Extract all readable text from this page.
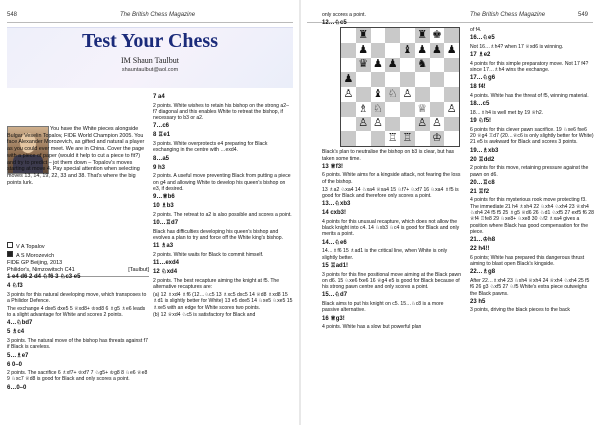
548	The British Chess Magazine
Test Your Chess
IM Shaun Taulbut
shauntaulbut@aol.com

You have the White pieces alongside Bulgar Veselin Topalov, FIDE World Champion 2005. You face Alexander Morozevich, as gifted and natural a player as you could ever meet. We are in China. Cover the page with a piece of paper (would it help to cut a piece to fit?) and try to predict – jot them down – Topalov's moves starting at move 4. Pay special attention when selecting moves 13, 14, 19, 22, 33 and 38. That's where the big points lurk.

V A Topalov
A S Morozevich
FIDE GP Beijing, 2013
Philidor's, Nimzowitsch C41	[Taulbut]

1 e4 d6 2 d4 ♘f6 3 ♘c3 e5

4 ♘f3

3 points for this natural developing move, which transposes to a Philidor Defence.

The exchange 4 dxe5 dxe5 5 ♕xd8+ ♔xd8 6 ♗g5 ♗e6 leads to a slight advantage for White and scores 2 points.

4…♘bd7

5 ♗c4

3 points. The natural move of the bishop has threats against f7 if Black is careless.

5…♗e7

6 0–0

2 points. The sacrifice 6 ♗xf7+ ♔xf7 7 ♘g5+ ♔g8 8 ♘e6 ♕e8 9 ♘xc7 ♕d8 is good for Black and only scores a point.

6…0–0

7 a4

2 points. White wishes to retain his bishop on the strong a2–f7 diagonal and this enables White to retreat the bishop, if necessary to b3 or a2.

7…c6

8 ♖e1

3 points. White overprotects e4 preparing for Black exchanging in the centre with …exd4.

8…a5

9 h3

2 points. A useful move preventing Black from putting a piece on g4 and allowing White to develop his queen's bishop on e3, if desired.

9…♕b6

10 ♗b3

2 points. The retreat to a2 is also possible and scores a point.

10…♖d7

Black has difficulties developing his queen's bishop and evolves a plan to try and force off the White king's bishop.

11 ♗a3

2 points. White waits for Black to commit himself.

11…exd4

12 ♘xd4

2 points. The best recapture aiming the knight at f5. The alternative recaptures are:

(a) 12 ♗xd4 ♗f6 (12…♘c5 13 ♗xc5 dxc5 14 ♕d8 ♗xd8 15 ♗d1 is slightly better for White) 13 e5 dxe5 14 ♘xe5 ♘xe5 15 ♗xe5 with an edge for White scores two points.

(b) 12 ♕xd4 ♘c5 is satisfactory for Black and

The British Chess Magazine	549
♜	♜ ♚
♟	♝ ♟ ♟ ♟
♛ ♟ ♟ ♞
♟
♙ ♝ ♘ ♙
♗ ♘	♕ ♙
♙ ♙	♙ ♙
♖ ♖ ♔

only scores a point.

12…♘c5

Black's plan to neutralise the bishop on b3 is clear, but has taken some time.

13 ♕f3!

6 points. White aims for a kingside attack, not fearing the loss of the bishop.

13 ♗a2 ♘xa4 14 ♘xa4 ♕xa4 15 ♘f7+ ♘xf7 16 ♘xa4 ♗f5 is good for Black and therefore only scores a point.

13…♘xb3

14 cxb3!

4 points for this unusual recapture, which does not allow the black knight into c4. 14 ♘xb3 ♘c4 is good for Black and only merits a point.

14…♘e6

14…♗f6 15 ♗ad1 is the critical line, when White is only slightly better.

15 ♖ad1!

3 points for this fine positional move aiming at the Black pawn on d6. 15 ♘xe6 fxe6 16 ♕g4 e5 is good for Black because of his strong pawn centre and only scores a point.

15…♘d7

Black aims to put his knight on c5. 15…♘c8 is a more passive alternative.

16 ♕g3!

4 points. White has a slow but powerful plan

of f4.

16…♘e5

Not 16…♗h4? when 17 ♕xd6 is winning.

17 ♗e2

4 points for this simple preparatory move. Not 17 f4? since 17…♗h4 wins the exchange.

17…♘g6

18 f4!

4 points. White has the threat of f5, winning material.

18…c5

18…♗h4 is well met by 19 ♕h2.

19 ♘f5!

6 points for this clever pawn sacrifice. 19 ♘xe6 fxe6 20 ♕g4 ♖d7 (20…♕c6 is only slightly better for White) 21 e5 is awkward for Black and scores 3 points.

19…♗xb3

20 ♖dd2

2 points for this move, retaining pressure against the pawn on d6.

20…♖c8

21 ♖f2

4 points for this mysterious rook move protecting f3. The immediate 21 h4 ♗xh4 22 ♘xh4 ♘xh4 23 ♕xh4 ♘xh4 24 f5 f5 25 ♗g5 ♕d6 26 ♘d1 ♘xf5 27 exf5 f6 28 ♕f4 ♖fe8 29 ♘xe8+ ♘xe8 30 ♘f2 ♗xa4 gives a position where Black has good compensation for the piece.

21…♔h8

22 h4!!

6 points; White has prepared this dangerous thrust aiming to blast open Black's kingside.

22…♗g8

After 22…♗xh4 23 ♘xh4 ♕xh4 24 ♕xh4 ♘xh4 25 f5 f6 26 g3 ♘xf5 27 ♘f5 White's extra piece outweighs the Black pawns.

23 h5

3 points, driving the black pieces to the back
